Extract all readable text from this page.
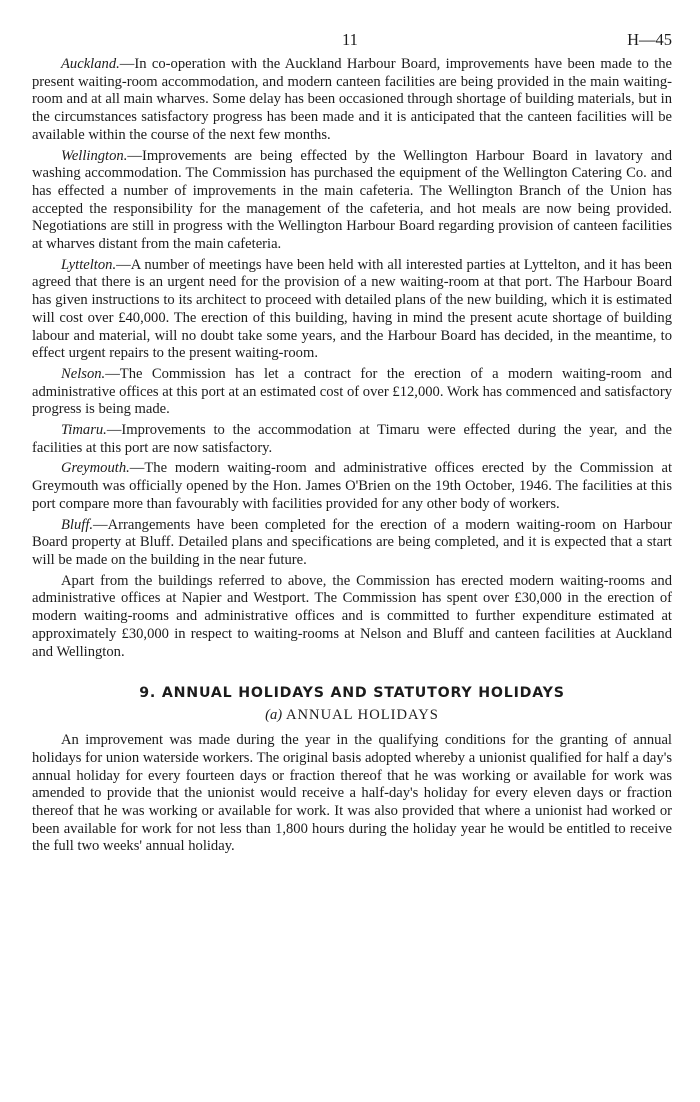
11	H—45

Auckland.—In co-operation with the Auckland Harbour Board, improvements have been made to the present waiting-room accommodation, and modern canteen facilities are being provided in the main waiting-room and at all main wharves. Some delay has been occasioned through shortage of building materials, but in the circumstances satisfactory progress has been made and it is anticipated that the canteen facilities will be available within the course of the next few months.

Wellington.—Improvements are being effected by the Wellington Harbour Board in lavatory and washing accommodation. The Commission has purchased the equipment of the Wellington Catering Co. and has effected a number of improvements in the main cafeteria. The Wellington Branch of the Union has accepted the responsibility for the management of the cafeteria, and hot meals are now being provided. Negotiations are still in progress with the Wellington Harbour Board regarding provision of canteen facilities at wharves distant from the main cafeteria.

Lyttelton.—A number of meetings have been held with all interested parties at Lyttelton, and it has been agreed that there is an urgent need for the provision of a new waiting-room at that port. The Harbour Board has given instructions to its architect to proceed with detailed plans of the new building, which it is estimated will cost over £40,000. The erection of this building, having in mind the present acute shortage of building labour and material, will no doubt take some years, and the Harbour Board has decided, in the meantime, to effect urgent repairs to the present waiting-room.

Nelson.—The Commission has let a contract for the erection of a modern waiting-room and administrative offices at this port at an estimated cost of over £12,000. Work has commenced and satisfactory progress is being made.

Timaru.—Improvements to the accommodation at Timaru were effected during the year, and the facilities at this port are now satisfactory.

Greymouth.—The modern waiting-room and administrative offices erected by the Commission at Greymouth was officially opened by the Hon. James O'Brien on the 19th October, 1946. The facilities at this port compare more than favourably with facilities provided for any other body of workers.

Bluff.—Arrangements have been completed for the erection of a modern waiting-room on Harbour Board property at Bluff. Detailed plans and specifications are being completed, and it is expected that a start will be made on the building in the near future.

Apart from the buildings referred to above, the Commission has erected modern waiting-rooms and administrative offices at Napier and Westport. The Commission has spent over £30,000 in the erection of modern waiting-rooms and administrative offices and is committed to further expenditure estimated at approximately £30,000 in respect to waiting-rooms at Nelson and Bluff and canteen facilities at Auckland and Wellington.

9. ANNUAL HOLIDAYS AND STATUTORY HOLIDAYS
(a) ANNUAL HOLIDAYS

An improvement was made during the year in the qualifying conditions for the granting of annual holidays for union waterside workers. The original basis adopted whereby a unionist qualified for half a day's annual holiday for every fourteen days or fraction thereof that he was working or available for work was amended to provide that the unionist would receive a half-day's holiday for every eleven days or fraction thereof that he was working or available for work. It was also provided that where a unionist had worked or been available for work for not less than 1,800 hours during the holiday year he would be entitled to receive the full two weeks' annual holiday.
